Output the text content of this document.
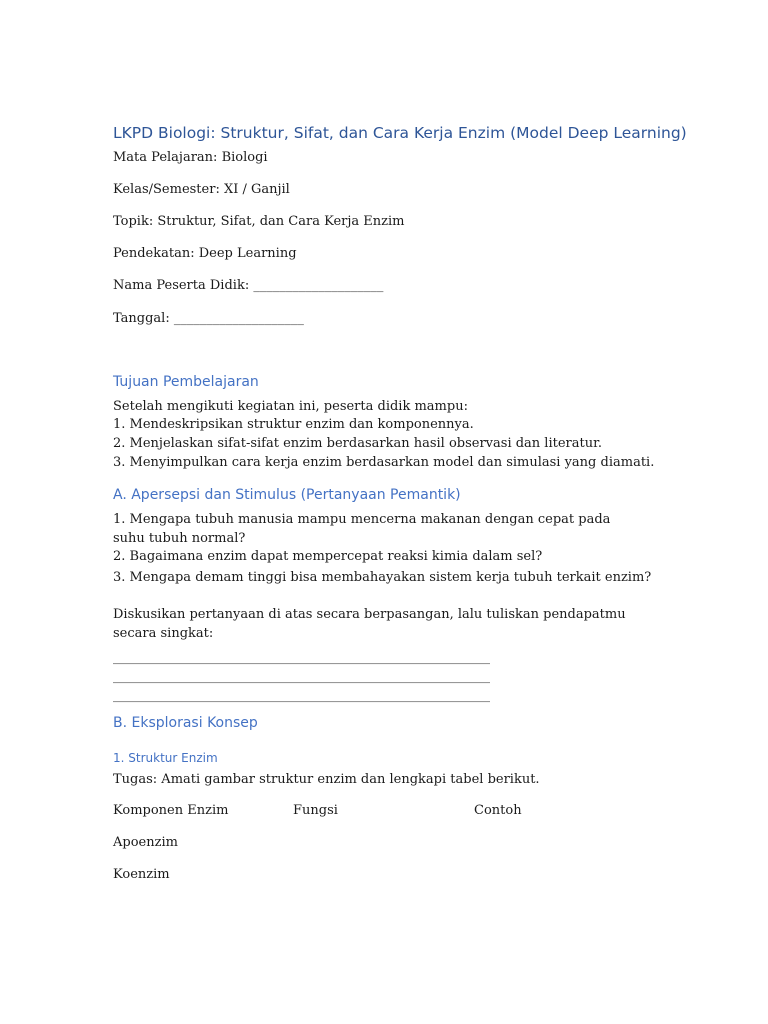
LKPD Biologi: Struktur, Sifat, dan Cara Kerja Enzim (Model Deep Learning)
Mata Pelajaran: Biologi
Kelas/Semester: XI / Ganjil
Topik: Struktur, Sifat, dan Cara Kerja Enzim
Pendekatan: Deep Learning
Nama Peserta Didik: ____________________
Tanggal: ____________________
Tujuan Pembelajaran
Setelah mengikuti kegiatan ini, peserta didik mampu:
1. Mendeskripsikan struktur enzim dan komponennya.
2. Menjelaskan sifat-sifat enzim berdasarkan hasil observasi dan literatur.
3. Menyimpulkan cara kerja enzim berdasarkan model dan simulasi yang diamati.
A. Apersepsi dan Stimulus (Pertanyaan Pemantik)
1. Mengapa tubuh manusia mampu mencerna makanan dengan cepat pada suhu tubuh normal?
2. Bagaimana enzim dapat mempercepat reaksi kimia dalam sel?
3. Mengapa demam tinggi bisa membahayakan sistem kerja tubuh terkait enzim?
Diskusikan pertanyaan di atas secara berpasangan, lalu tuliskan pendapatmu secara singkat:
__________________________________________________________
__________________________________________________________
__________________________________________________________
B. Eksplorasi Konsep
1. Struktur Enzim
Tugas: Amati gambar struktur enzim dan lengkapi tabel berikut.
Komponen Enzim	Fungsi	Contoh
Apoenzim
Koenzim
